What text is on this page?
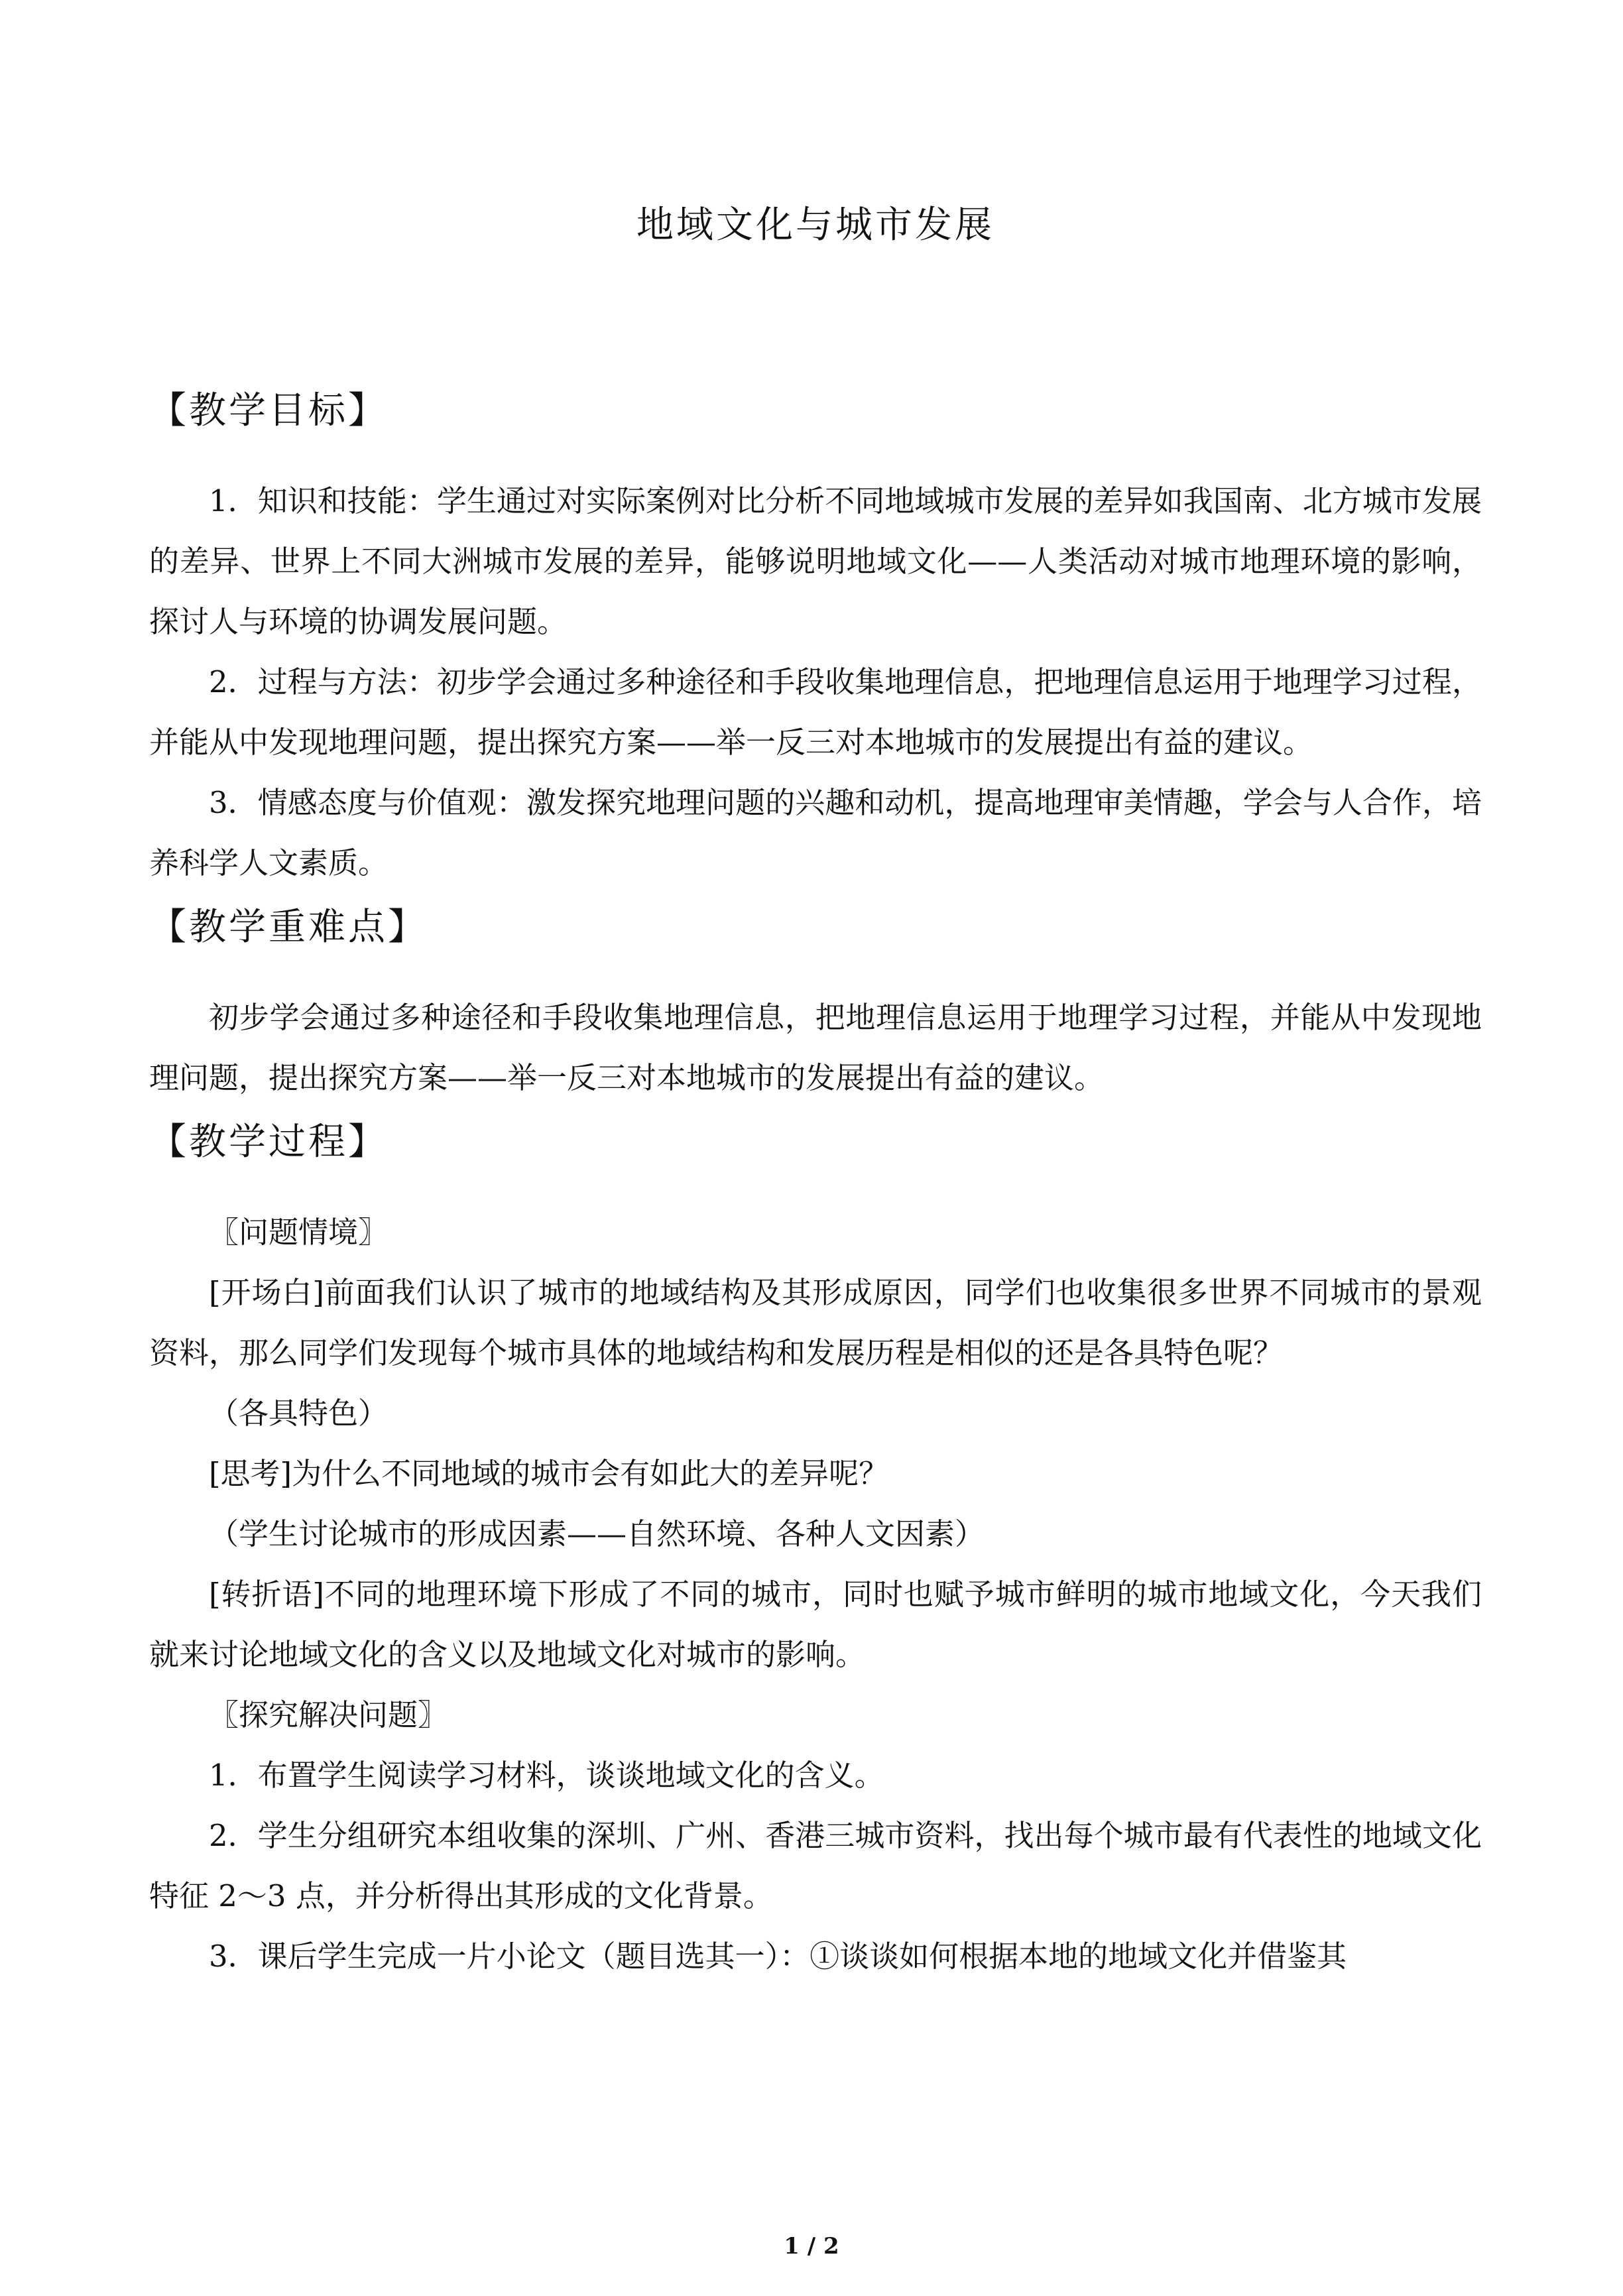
地域文化与城市发展
【教学目标】

1．知识和技能：学生通过对实际案例对比分析不同地域城市发展的差异如我国南、北方城市发展的差异、世界上不同大洲城市发展的差异，能够说明地域文化——人类活动对城市地理环境的影响，探讨人与环境的协调发展问题。

2．过程与方法：初步学会通过多种途径和手段收集地理信息，把地理信息运用于地理学习过程，并能从中发现地理问题，提出探究方案——举一反三对本地城市的发展提出有益的建议。

3．情感态度与价值观：激发探究地理问题的兴趣和动机，提高地理审美情趣，学会与人合作，培养科学人文素质。

【教学重难点】

初步学会通过多种途径和手段收集地理信息，把地理信息运用于地理学习过程，并能从中发现地理问题，提出探究方案——举一反三对本地城市的发展提出有益的建议。

【教学过程】

〖问题情境〗

[开场白]前面我们认识了城市的地域结构及其形成原因，同学们也收集很多世界不同城市的景观资料，那么同学们发现每个城市具体的地域结构和发展历程是相似的还是各具特色呢？

（各具特色）

[思考]为什么不同地域的城市会有如此大的差异呢？

（学生讨论城市的形成因素——自然环境、各种人文因素）

[转折语]不同的地理环境下形成了不同的城市，同时也赋予城市鲜明的城市地域文化，今天我们就来讨论地域文化的含义以及地域文化对城市的影响。

〖探究解决问题〗

1．布置学生阅读学习材料，谈谈地域文化的含义。

2．学生分组研究本组收集的深圳、广州、香港三城市资料，找出每个城市最有代表性的地域文化特征 2～3 点，并分析得出其形成的文化背景。

3．课后学生完成一片小论文（题目选其一）：①谈谈如何根据本地的地域文化并借鉴其

1 / 2
